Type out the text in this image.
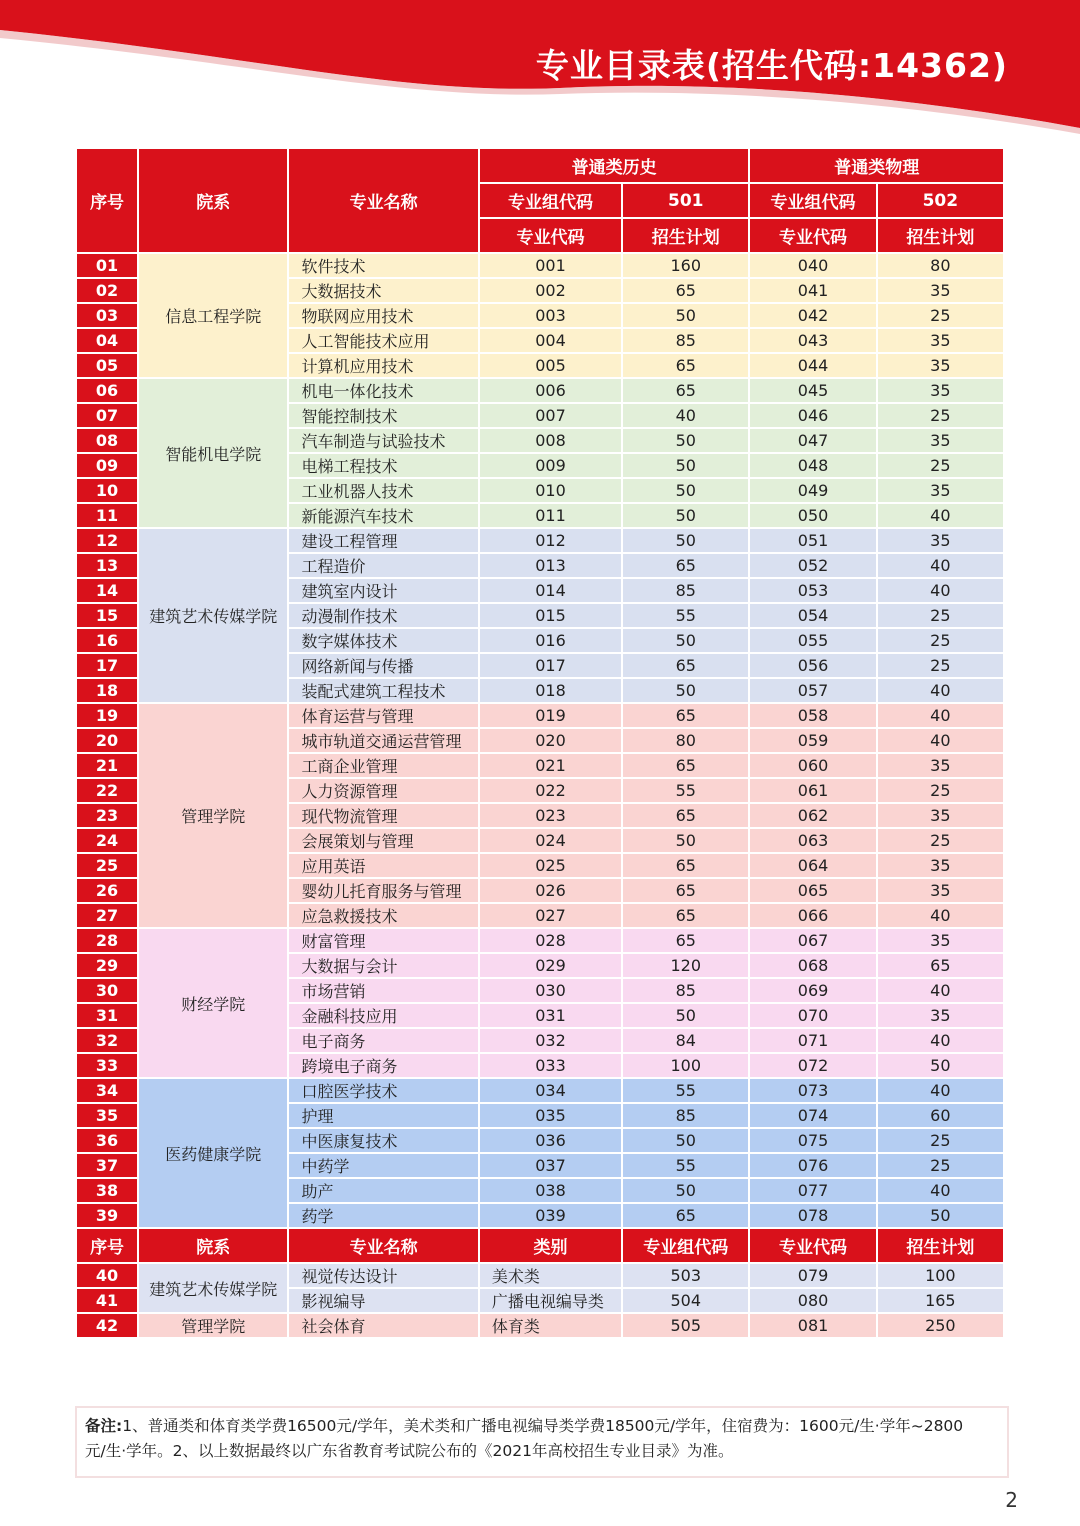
专业目录表(招生代码:14362)
序号	院系	专业名称	普通类历史		普通类物理	
			专业组代码	501	专业组代码	502
			专业代码	招生计划	专业代码	招生计划
01	信息工程学院	软件技术	001	160	040	80
02		大数据技术	002	65	041	35
03		物联网应用技术	003	50	042	25
04		人工智能技术应用	004	85	043	35
05		计算机应用技术	005	65	044	35
06	智能机电学院	机电一体化技术	006	65	045	35
07		智能控制技术	007	40	046	25
08		汽车制造与试验技术	008	50	047	35
09		电梯工程技术	009	50	048	25
10		工业机器人技术	010	50	049	35
11		新能源汽车技术	011	50	050	40
12	建筑艺术传媒学院	建设工程管理	012	50	051	35
13		工程造价	013	65	052	40
14		建筑室内设计	014	85	053	40
15		动漫制作技术	015	55	054	25
16		数字媒体技术	016	50	055	25
17		网络新闻与传播	017	65	056	25
18		装配式建筑工程技术	018	50	057	40
19	管理学院	体育运营与管理	019	65	058	40
20		城市轨道交通运营管理	020	80	059	40
21		工商企业管理	021	65	060	35
22		人力资源管理	022	55	061	25
23		现代物流管理	023	65	062	35
24		会展策划与管理	024	50	063	25
25		应用英语	025	65	064	35
26		婴幼儿托育服务与管理	026	65	065	35
27		应急救援技术	027	65	066	40
28	财经学院	财富管理	028	65	067	35
29		大数据与会计	029	120	068	65
30		市场营销	030	85	069	40
31		金融科技应用	031	50	070	35
32		电子商务	032	84	071	40
33		跨境电子商务	033	100	072	50
34	医药健康学院	口腔医学技术	034	55	073	40
35		护理	035	85	074	60
36		中医康复技术	036	50	075	25
37		中药学	037	55	076	25
38		助产	038	50	077	40
39		药学	039	65	078	50
序号	院系	专业名称	类别	专业组代码	专业代码	招生计划
40	建筑艺术传媒学院	视觉传达设计	美术类	503	079	100
41		影视编导	广播电视编导类	504	080	165
42	管理学院	社会体育	体育类	505	081	250
备注:1、普通类和体育类学费16500元/学年，美术类和广播电视编导类学费18500元/学年，住宿费为：1600元/生·学年~2800
元/生·学年。2、以上数据最终以广东省教育考试院公布的《2021年高校招生专业目录》为准。
2
